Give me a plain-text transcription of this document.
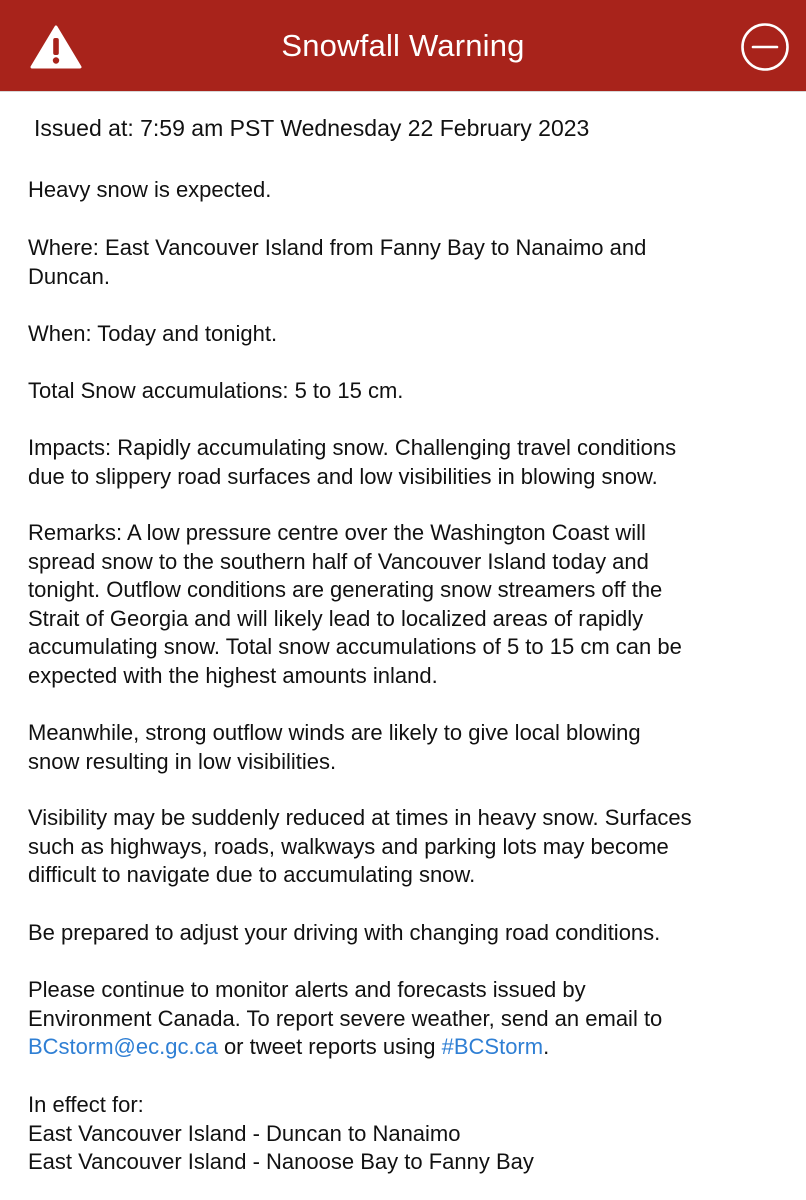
Snowfall Warning
Issued at: 7:59 am PST Wednesday 22 February 2023

Heavy snow is expected.

Where: East Vancouver Island from Fanny Bay to Nanaimo and
Duncan.

When: Today and tonight.

Total Snow accumulations: 5 to 15 cm.

Impacts: Rapidly accumulating snow. Challenging travel conditions
due to slippery road surfaces and low visibilities in blowing snow.

Remarks: A low pressure centre over the Washington Coast will
spread snow to the southern half of Vancouver Island today and
tonight. Outflow conditions are generating snow streamers off the
Strait of Georgia and will likely lead to localized areas of rapidly
accumulating snow. Total snow accumulations of 5 to 15 cm can be
expected with the highest amounts inland.

Meanwhile, strong outflow winds are likely to give local blowing
snow resulting in low visibilities.

Visibility may be suddenly reduced at times in heavy snow. Surfaces
such as highways, roads, walkways and parking lots may become
difficult to navigate due to accumulating snow.

Be prepared to adjust your driving with changing road conditions.

Please continue to monitor alerts and forecasts issued by
Environment Canada. To report severe weather, send an email to
BCstorm@ec.gc.ca or tweet reports using #BCStorm.

In effect for:
East Vancouver Island - Duncan to Nanaimo
East Vancouver Island - Nanoose Bay to Fanny Bay
